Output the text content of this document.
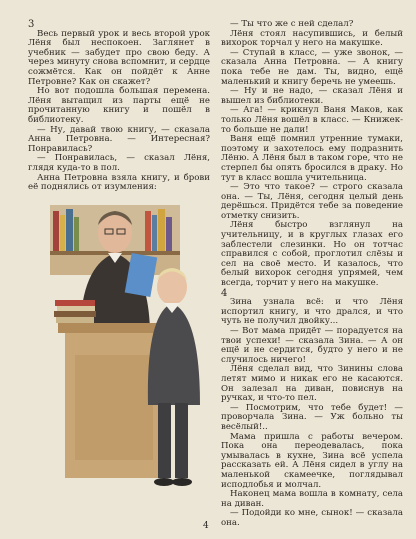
3

Весь первый урок и весь второй урок Лёня был неспокоен. Заглянет в учебник — забудет про свою беду. А через минуту снова вспомнит, и сердце сожмётся. Как он пойдёт к Анне Петровне? Как он скажет?

Но вот подошла большая перемена. Лёня вытащил из парты ещё не прочитанную книгу и пошёл в библиотеку.

— Ну, давай твою книгу, — сказала Анна Петровна. — Интересная? Понравилась?

— Понравилась, — сказал Лёня, глядя куда-то в пол.

Анна Петровна взяла книгу, и брови её поднялись от изумления:

— Ты что же с ней сделал?

Лёня стоял насупившись, и белый вихорок торчал у него на макушке.

— Ступай в класс, — уже звонок, — сказала Анна Петровна. — А книгу пока тебе не дам. Ты, видно, ещё маленький и книгу беречь не умеешь.

— Ну и не надо, — сказал Лёня и вышел из библиотеки.

— Ага! — крикнул Ваня Маков, как только Лёня вошёл в класс. — Книжек-то больше не дали!

Ваня ещё помнил утренние тумаки, поэтому и захотелось ему подразнить Лёню. А Лёня был в таком горе, что не стерпел бы опять бросился в драку. Но тут в класс вошла учительница.

— Это что такое? — строго сказала она. — Ты, Лёня, сегодня целый день дерёшься. Придётся тебе за поведение отметку снизить.

Лёня быстро взглянул на учительницу, и в круглых глазах его заблестели слезинки. Но он тотчас справился с собой, проглотил слёзы и сел на своё место. И казалось, что белый вихорок сегодня упрямей, чем всегда, торчит у него на макушке.

4

Зина узнала всё: и что Лёня испортил книгу, и что дрался, и что чуть не получил двойку...

— Вот мама придёт — порадуется на твои успехи! — сказала Зина. — А он ещё и не сердится, будто у него и не случилось ничего!

Лёня сделал вид, что Зинины слова летят мимо и никак его не касаются. Он залезал на диван, повиснув на ручках, и что-то пел.

— Посмотрим, что тебе будет! — проворчала Зина. — Уж больно ты весёлый!..

Мама пришла с работы вечером. Пока она переодевалась, пока умывалась в кухне, Зина всё успела рассказать ей. А Лёня сидел в углу на маленькой скамеечке, поглядывал исподлобья и молчал.

Наконец мама вошла в комнату, села на диван.

— Подойди ко мне, сынок! — сказала она.

4
